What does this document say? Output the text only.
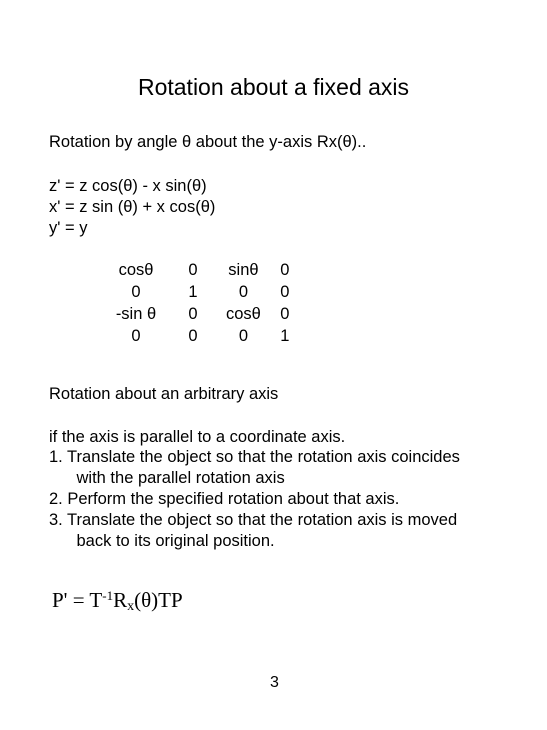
Rotation about a fixed axis
Rotation by angle θ about the y-axis Rx(θ)..
z' = z cos(θ) - x sin(θ)
x' = z sin (θ) + x cos(θ)
y' = y
cosθ	0	sinθ	0
0	1	0	0
-sin θ	0	cosθ	0
0	0	0	1
Rotation about an arbitrary axis
if the axis is parallel to a coordinate axis.
1. Translate the object so that the rotation axis coincides
with the parallel rotation axis
2. Perform the specified rotation about that axis.
3. Translate the object so that the rotation axis is moved
back to its original position.
$P' = T^{-1}R_x(\theta)TP$
3
